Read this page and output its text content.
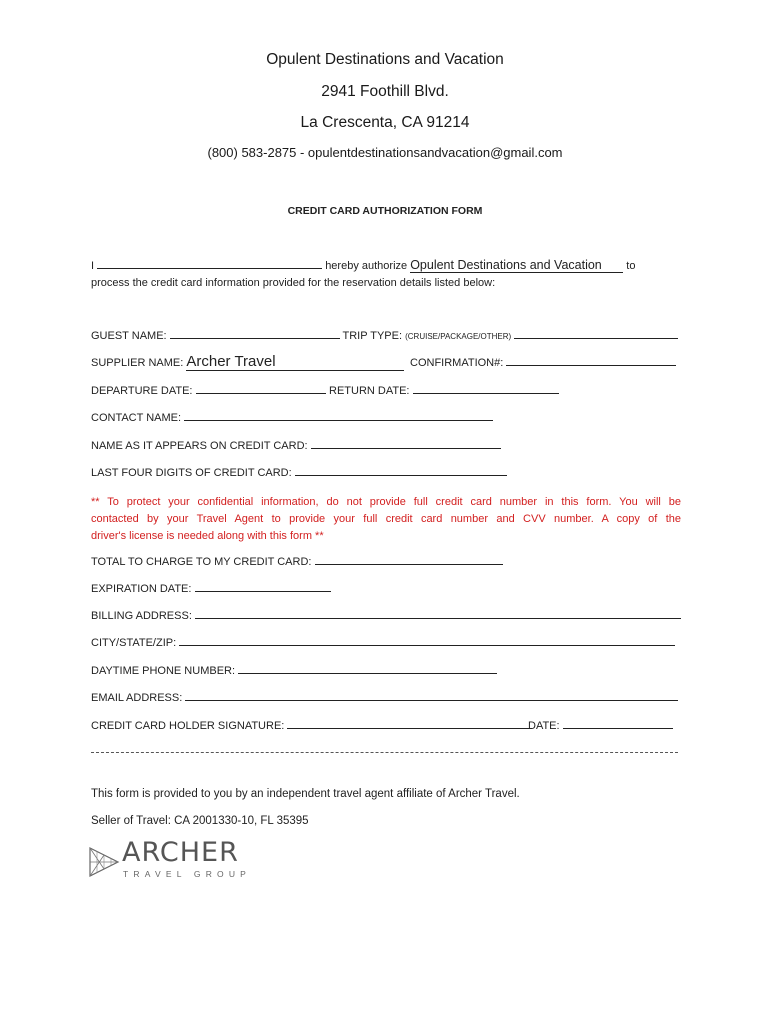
Opulent Destinations and Vacation
2941 Foothill Blvd.
La Crescenta, CA 91214
(800) 583-2875 - opulentdestinationsandvacation@gmail.com
CREDIT CARD AUTHORIZATION FORM
I	hereby authorize Opulent Destinations and Vacation to
process the credit card information provided for the reservation details listed below:
GUEST NAME:	TRIP TYPE: (CRUISE/PACKAGE/OTHER)
SUPPLIER NAME: Archer Travel	CONFIRMATION#:
DEPARTURE DATE:	RETURN DATE:
CONTACT NAME:
NAME AS IT APPEARS ON CREDIT CARD:
LAST FOUR DIGITS OF CREDIT CARD:
** To protect your confidential information, do not provide full credit card number in this form. You will be
contacted by your Travel Agent to provide your full credit card number and CVV number. A copy of the
driver's license is needed along with this form **
TOTAL TO CHARGE TO MY CREDIT CARD:
EXPIRATION DATE:
BILLING ADDRESS:
CITY/STATE/ZIP:
DAYTIME PHONE NUMBER:
EMAIL ADDRESS:
CREDIT CARD HOLDER SIGNATURE:	DATE:
This form is provided to you by an independent travel agent affiliate of Archer Travel.
Seller of Travel: CA 2001330-10, FL 35395
ARCHER
TRAVEL GROUP
